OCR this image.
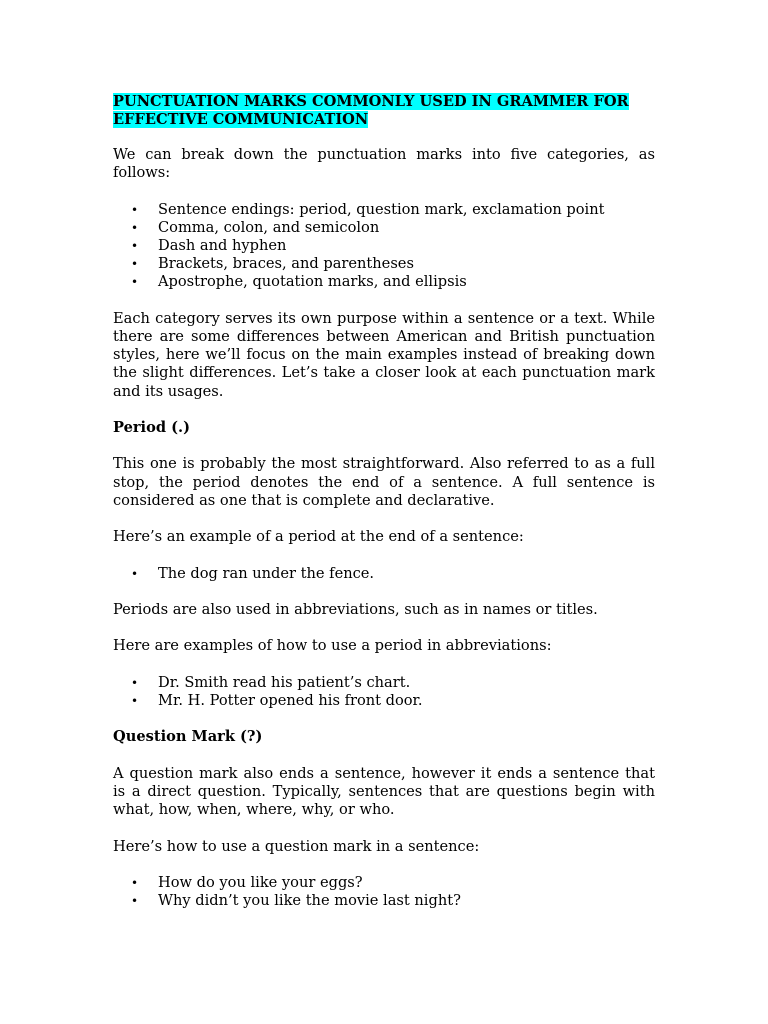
PUNCTUATION MARKS COMMONLY USED IN GRAMMER FOR EFFECTIVE COMMUNICATION

We can break down the punctuation marks into five categories, as follows:

• Sentence endings: period, question mark, exclamation point
• Comma, colon, and semicolon
• Dash and hyphen
• Brackets, braces, and parentheses
• Apostrophe, quotation marks, and ellipsis

Each category serves its own purpose within a sentence or a text. While there are some differences between American and British punctuation styles, here we’ll focus on the main examples instead of breaking down the slight differences. Let’s take a closer look at each punctuation mark and its usages.

Period (.)

This one is probably the most straightforward. Also referred to as a full stop, the period denotes the end of a sentence. A full sentence is considered as one that is complete and declarative.

Here’s an example of a period at the end of a sentence:

• The dog ran under the fence.

Periods are also used in abbreviations, such as in names or titles.

Here are examples of how to use a period in abbreviations:

• Dr. Smith read his patient’s chart.
• Mr. H. Potter opened his front door.
Question Mark (?)

A question mark also ends a sentence, however it ends a sentence that is a direct question. Typically, sentences that are questions begin with what, how, when, where, why, or who.

Here’s how to use a question mark in a sentence:

• How do you like your eggs?
• Why didn’t you like the movie last night?
